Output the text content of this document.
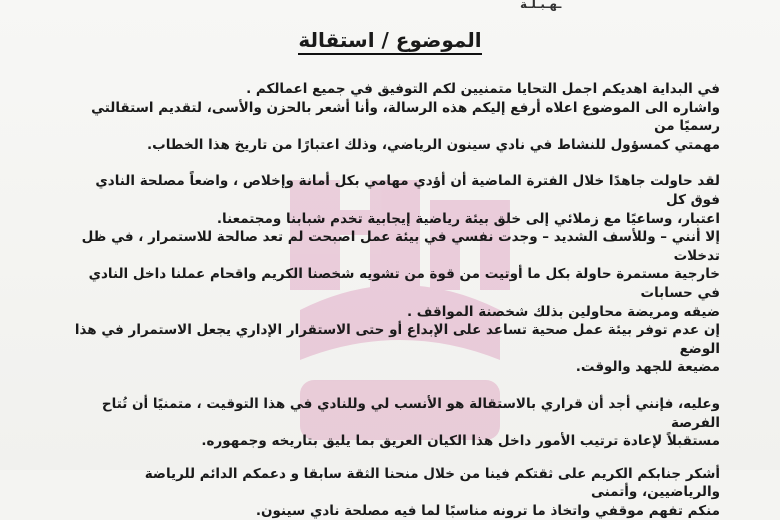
ـهـبـلـة
الموضوع / استقالة

في البداية اهديكم اجمل التحايا متمنيين لكم التوفيق في جميع اعمالكم .

واشاره الى الموضوع اعلاه أرفع إليكم هذه الرسالة، وأنا أشعر بالحزن والأسى، لتقديم استقالتي رسميًا من

مهمتي كمسؤول للنشاط في نادي سينون الرياضي، وذلك اعتبارًا من تاريخ هذا الخطاب.

لقد حاولت جاهدًا خلال الفترة الماضية أن أؤدي مهامي بكل أمانة وإخلاص ، واضعاً مصلحة النادي فوق كل

اعتبار، وساعيًا مع زملائي إلى خلق بيئة رياضية إيجابية تخدم شبابنا ومجتمعنا.

إلا أنني – وللأسف الشديد – وجدت نفسي في بيئة عمل اصبحت لم تعد صالحة للاستمرار ، في ظل تدخلات

خارجية مستمرة حاولة بكل ما أوتيت من قوة من تشويه شخصنا الكريم واقحام عملنا داخل النادي في حسابات

ضيقه ومريضة محاولين بذلك شخصنة المواقف .

إن عدم توفر بيئة عمل صحية تساعد على الإبداع أو حتى الاستقرار الإداري يجعل الاستمرار في هذا الوضع

مضيعة للجهد والوقت.

وعليه، فإنني أجد أن قراري بالاستقالة هو الأنسب لي وللنادي في هذا التوقيت ، متمنيًا أن تُتاح الفرصة

مستقبلاً لإعادة ترتيب الأمور داخل هذا الكيان العريق بما يليق بتاريخه وجمهوره.

أشكر جنابكم الكريم على ثقتكم فينا من خلال منحنا الثقة سابقا و دعمكم الدائم للرياضة والرياضيين، وأتمنى

منكم تفهم موقفي واتخاذ ما ترونه مناسبًا لما فيه مصلحة نادي سينون.
